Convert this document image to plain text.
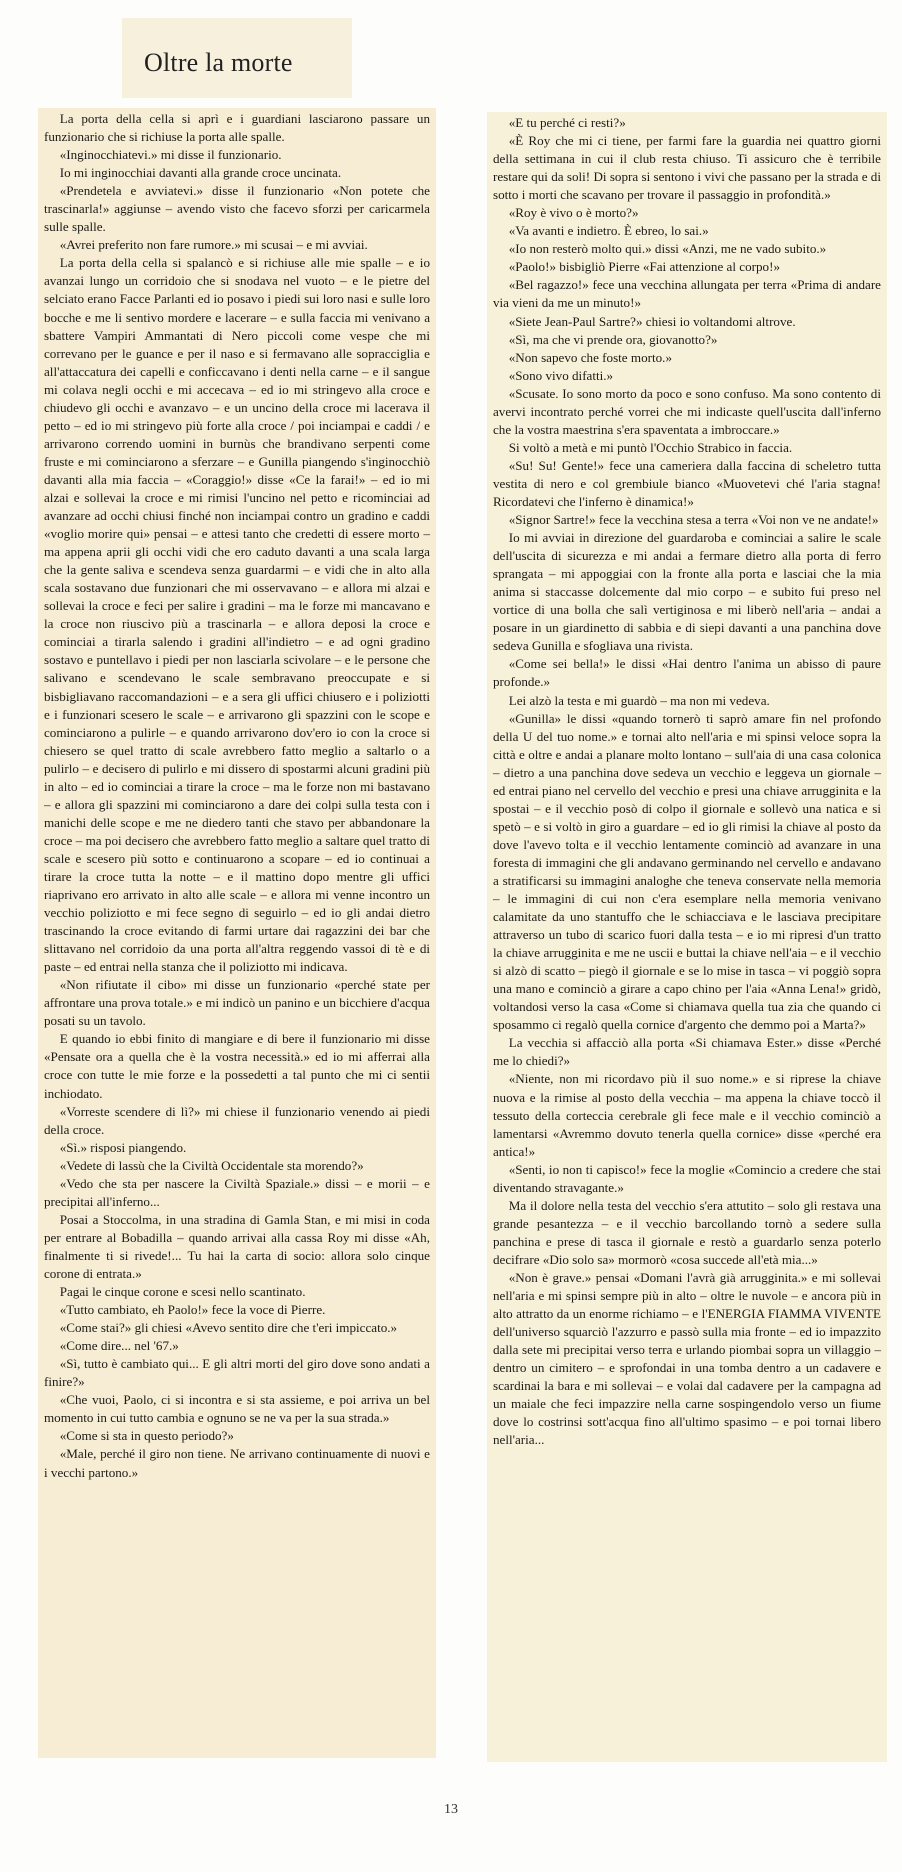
Oltre la morte

La porta della cella si aprì e i guardiani lasciarono passare un funzionario che si richiuse la porta alle spalle.

«Inginocchiatevi.» mi disse il funzionario.

Io mi inginocchiai davanti alla grande croce uncinata.

«Prendetela e avviatevi.» disse il funzionario «Non potete che trascinarla!» aggiunse – avendo visto che facevo sforzi per caricarmela sulle spalle.

«Avrei preferito non fare rumore.» mi scusai – e mi avviai.

La porta della cella si spalancò e si richiuse alle mie spalle – e io avanzai lungo un corridoio che si snodava nel vuoto – e le pietre del selciato erano Facce Parlanti ed io posavo i piedi sui loro nasi e sulle loro bocche e me li sentivo mordere e lacerare – e sulla faccia mi venivano a sbattere Vampiri Ammantati di Nero piccoli come vespe che mi correvano per le guance e per il naso e si fermavano alle sopracciglia e all'attaccatura dei capelli e conficcavano i denti nella carne – e il sangue mi colava negli occhi e mi accecava – ed io mi stringevo alla croce e chiudevo gli occhi e avanzavo – e un uncino della croce mi lacerava il petto – ed io mi stringevo più forte alla croce / poi inciampai e caddi / e arrivarono correndo uomini in burnùs che brandivano serpenti come fruste e mi cominciarono a sferzare – e Gunilla piangendo s'inginocchiò davanti alla mia faccia – «Coraggio!» disse «Ce la farai!» – ed io mi alzai e sollevai la croce e mi rimisi l'uncino nel petto e ricominciai ad avanzare ad occhi chiusi finché non inciampai contro un gradino e caddi «voglio morire qui» pensai – e attesi tanto che credetti di essere morto – ma appena aprii gli occhi vidi che ero caduto davanti a una scala larga che la gente saliva e scendeva senza guardarmi – e vidi che in alto alla scala sostavano due funzionari che mi osservavano – e allora mi alzai e sollevai la croce e feci per salire i gradini – ma le forze mi mancavano e la croce non riuscivo più a trascinarla – e allora deposi la croce e cominciai a tirarla salendo i gradini all'indietro – e ad ogni gradino sostavo e puntellavo i piedi per non lasciarla scivolare – e le persone che salivano e scendevano le scale sembravano preoccupate e si bisbigliavano raccomandazioni – e a sera gli uffici chiusero e i poliziotti e i funzionari scesero le scale – e arrivarono gli spazzini con le scope e cominciarono a pulirle – e quando arrivarono dov'ero io con la croce si chiesero se quel tratto di scale avrebbero fatto meglio a saltarlo o a pulirlo – e decisero di pulirlo e mi dissero di spostarmi alcuni gradini più in alto – ed io cominciai a tirare la croce – ma le forze non mi bastavano – e allora gli spazzini mi cominciarono a dare dei colpi sulla testa con i manichi delle scope e me ne diedero tanti che stavo per abbandonare la croce – ma poi decisero che avrebbero fatto meglio a saltare quel tratto di scale e scesero più sotto e continuarono a scopare – ed io continuai a tirare la croce tutta la notte – e il mattino dopo mentre gli uffici riaprivano ero arrivato in alto alle scale – e allora mi venne incontro un vecchio poliziotto e mi fece segno di seguirlo – ed io gli andai dietro trascinando la croce evitando di farmi urtare dai ragazzini dei bar che slittavano nel corridoio da una porta all'altra reggendo vassoi di tè e di paste – ed entrai nella stanza che il poliziotto mi indicava.

«Non rifiutate il cibo» mi disse un funzionario «perché state per affrontare una prova totale.» e mi indicò un panino e un bicchiere d'acqua posati su un tavolo.

E quando io ebbi finito di mangiare e di bere il funzionario mi disse «Pensate ora a quella che è la vostra necessità.» ed io mi afferrai alla croce con tutte le mie forze e la possedetti a tal punto che mi ci sentii inchiodato.

«Vorreste scendere di lì?» mi chiese il funzionario venendo ai piedi della croce.

«Sì.» risposi piangendo.

«Vedete di lassù che la Civiltà Occidentale sta morendo?»

«Vedo che sta per nascere la Civiltà Spaziale.» dissi – e morii – e precipitai all'inferno...

Posai a Stoccolma, in una stradina di Gamla Stan, e mi misi in coda per entrare al Bobadilla – quando arrivai alla cassa Roy mi disse «Ah, finalmente ti si rivede!... Tu hai la carta di socio: allora solo cinque corone di entrata.»

Pagai le cinque corone e scesi nello scantinato.

«Tutto cambiato, eh Paolo!» fece la voce di Pierre.

«Come stai?» gli chiesi «Avevo sentito dire che t'eri impiccato.»

«Come dire... nel '67.»

«Sì, tutto è cambiato qui... E gli altri morti del giro dove sono andati a finire?»

«Che vuoi, Paolo, ci si incontra e si sta assieme, e poi arriva un bel momento in cui tutto cambia e ognuno se ne va per la sua strada.»

«Come si sta in questo periodo?»

«Male, perché il giro non tiene. Ne arrivano continuamente di nuovi e i vecchi partono.»

«E tu perché ci resti?»

«È Roy che mi ci tiene, per farmi fare la guardia nei quattro giorni della settimana in cui il club resta chiuso. Ti assicuro che è terribile restare qui da soli! Di sopra si sentono i vivi che passano per la strada e di sotto i morti che scavano per trovare il passaggio in profondità.»

«Roy è vivo o è morto?»

«Va avanti e indietro. È ebreo, lo sai.»

«Io non resterò molto qui.» dissi «Anzi, me ne vado subito.»

«Paolo!» bisbigliò Pierre «Fai attenzione al corpo!»

«Bel ragazzo!» fece una vecchina allungata per terra «Prima di andare via vieni da me un minuto!»

«Siete Jean-Paul Sartre?» chiesi io voltandomi altrove.

«Sì, ma che vi prende ora, giovanotto?»

«Non sapevo che foste morto.»

«Sono vivo difatti.»

«Scusate. Io sono morto da poco e sono confuso. Ma sono contento di avervi incontrato perché vorrei che mi indicaste quell'uscita dall'inferno che la vostra maestrina s'era spaventata a imbroccare.»

Si voltò a metà e mi puntò l'Occhio Strabico in faccia.

«Su! Su! Gente!» fece una cameriera dalla faccina di scheletro tutta vestita di nero e col grembiule bianco «Muovetevi ché l'aria stagna! Ricordatevi che l'inferno è dinamica!»

«Signor Sartre!» fece la vecchina stesa a terra «Voi non ve ne andate!»

Io mi avviai in direzione del guardaroba e cominciai a salire le scale dell'uscita di sicurezza e mi andai a fermare dietro alla porta di ferro sprangata – mi appoggiai con la fronte alla porta e lasciai che la mia anima si staccasse dolcemente dal mio corpo – e subito fui preso nel vortice di una bolla che salì vertiginosa e mi liberò nell'aria – andai a posare in un giardinetto di sabbia e di siepi davanti a una panchina dove sedeva Gunilla e sfogliava una rivista.

«Come sei bella!» le dissi «Hai dentro l'anima un abisso di paure profonde.»

Lei alzò la testa e mi guardò – ma non mi vedeva.

«Gunilla» le dissi «quando tornerò ti saprò amare fin nel profondo della U del tuo nome.» e tornai alto nell'aria e mi spinsi veloce sopra la città e oltre e andai a planare molto lontano – sull'aia di una casa colonica – dietro a una panchina dove sedeva un vecchio e leggeva un giornale – ed entrai piano nel cervello del vecchio e presi una chiave arrugginita e la spostai – e il vecchio posò di colpo il giornale e sollevò una natica e si spetò – e si voltò in giro a guardare – ed io gli rimisi la chiave al posto da dove l'avevo tolta e il vecchio lentamente cominciò ad avanzare in una foresta di immagini che gli andavano germinando nel cervello e andavano a stratificarsi su immagini analoghe che teneva conservate nella memoria – le immagini di cui non c'era esemplare nella memoria venivano calamitate da uno stantuffo che le schiacciava e le lasciava precipitare attraverso un tubo di scarico fuori dalla testa – e io mi ripresi d'un tratto la chiave arrugginita e me ne uscii e buttai la chiave nell'aia – e il vecchio si alzò di scatto – piegò il giornale e se lo mise in tasca – vi poggiò sopra una mano e cominciò a girare a capo chino per l'aia «Anna Lena!» gridò, voltandosi verso la casa «Come si chiamava quella tua zia che quando ci sposammo ci regalò quella cornice d'argento che demmo poi a Marta?»

La vecchia si affacciò alla porta «Si chiamava Ester.» disse «Perché me lo chiedi?»

«Niente, non mi ricordavo più il suo nome.» e si riprese la chiave nuova e la rimise al posto della vecchia – ma appena la chiave toccò il tessuto della corteccia cerebrale gli fece male e il vecchio cominciò a lamentarsi «Avremmo dovuto tenerla quella cornice» disse «perché era antica!»

«Senti, io non ti capisco!» fece la moglie «Comincio a credere che stai diventando stravagante.»

Ma il dolore nella testa del vecchio s'era attutito – solo gli restava una grande pesantezza – e il vecchio barcollando tornò a sedere sulla panchina e prese di tasca il giornale e restò a guardarlo senza poterlo decifrare «Dio solo sa» mormorò «cosa succede all'età mia...»

«Non è grave.» pensai «Domani l'avrà già arrugginita.» e mi sollevai nell'aria e mi spinsi sempre più in alto – oltre le nuvole – e ancora più in alto attratto da un enorme richiamo – e l'ENERGIA FIAMMA VIVENTE dell'universo squarciò l'azzurro e passò sulla mia fronte – ed io impazzito dalla sete mi precipitai verso terra e urlando piombai sopra un villaggio – dentro un cimitero – e sprofondai in una tomba dentro a un cadavere e scardinai la bara e mi sollevai – e volai dal cadavere per la campagna ad un maiale che feci impazzire nella carne sospingendolo verso un fiume dove lo costrinsi sott'acqua fino all'ultimo spasimo – e poi tornai libero nell'aria...

13
